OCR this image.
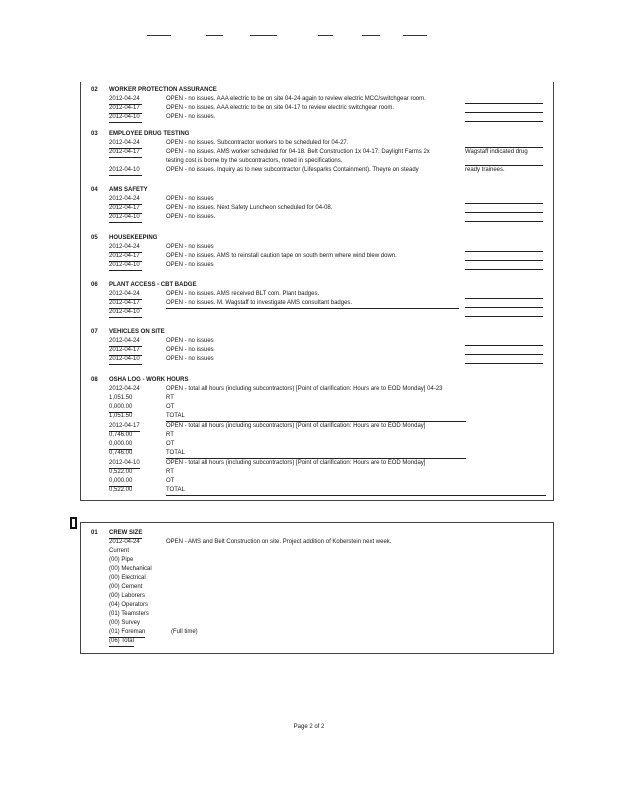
02 WORKER PROTECTION ASSURANCE
2012-04-24	OPEN - no issues. AAA electric to be on site 04-24 again to review electric MCC/switchgear room.
2012-04-17	OPEN - no issues. AAA electric to be on site 04-17 to review electric switchgear room.
2012-04-10	OPEN - no issues.
03 EMPLOYEE DRUG TESTING
2012-04-24	OPEN - no issues. Subcontractor workers to be scheduled for 04-27.
2012-04-17	OPEN - no issues. AMS worker scheduled for 04-18. Belt Construction 1x 04-17. Daylight Farms 2x	Wagstaff indicated drug
testing cost is borne by the subcontractors, noted in specifications.
2012-04-10	OPEN - no issues. Inquiry as to new subcontractor (Lifesparks Containment). Theyre on steady	ready trainees.
04 AMS SAFETY
2012-04-24	OPEN - no issues
2012-04-17	OPEN - no issues. Next Safety Luncheon scheduled for 04-08.
2012-04-10	OPEN - no issues.
05 HOUSEKEEPING
2012-04-24	OPEN - no issues
2012-04-17	OPEN - no issues. AMS to reinstall caution tape on south berm where wind blew down.
2012-04-10	OPEN - no issues
06 PLANT ACCESS - CBT BADGE
2012-04-24	OPEN - no issues. AMS received BLT com. Plant badges.
2012-04-17	OPEN - no issues. M. Wagstaff to investigate AMS consultant badges.
2012-04-10
07 VEHICLES ON SITE
2012-04-24	OPEN - no issues
2012-04-17	OPEN - no issues
2012-04-10	OPEN - no issues
08 OSHA LOG - WORK HOURS
2012-04-24	OPEN - total all hours (including subcontractors) [Point of clarification: Hours are to EOD Monday] 04-23
1,051.50	RT
0,000.00	OT
1,051.50	TOTAL
2012-04-17	OPEN - total all hours (including subcontractors) [Point of clarification: Hours are to EOD Monday]
0,746.00	RT
0,000.00	OT
0,746.00	TOTAL
2012-04-10	OPEN - total all hours (including subcontractors) [Point of clarification: Hours are to EOD Monday]
0,522.00	RT
0,000.00	OT
0,522.00	TOTAL
01 CREW SIZE
2012-04-24	OPEN - AMS and Belt Construction on site. Project addition of Koberstein next week.
Current
(00) Pipe
(00) Mechanical
(00) Electrical
(00) Cement
(00) Laborers
(04) Operators
(01) Teamsters
(00) Survey
(01) Foreman	(Full time)
(06) Total
Page 2 of 2
